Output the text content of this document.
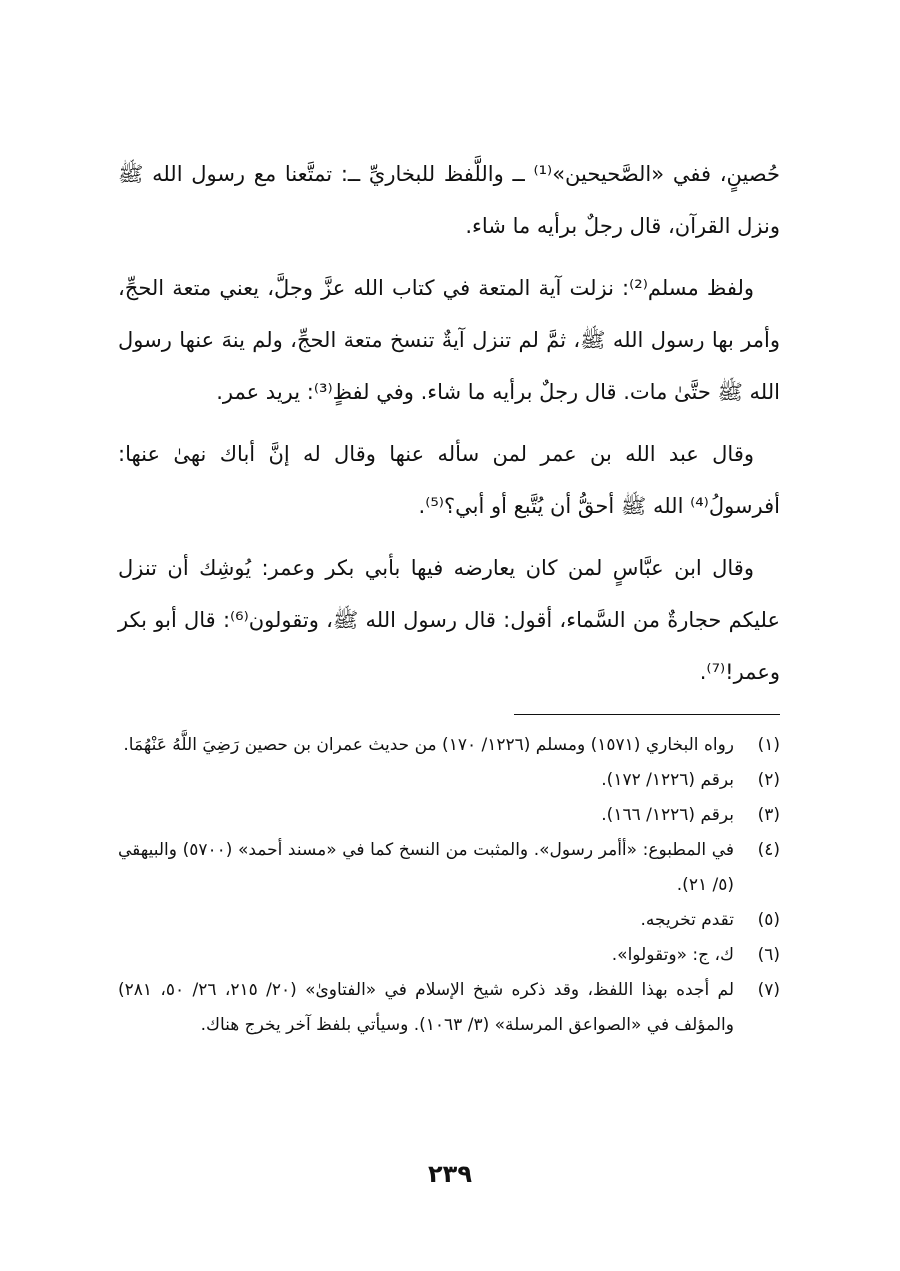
حُصينٍ، ففي «الصَّحيحين»⁽¹⁾ ــ واللَّفظ للبخاريِّ ــ: تمتَّعنا مع رسول الله ﷺ ونزل القرآن، قال رجلٌ برأيه ما شاء.

ولفظ مسلم⁽²⁾: نزلت آية المتعة في كتاب الله عزَّ وجلَّ، يعني متعة الحجِّ، وأمر بها رسول الله ﷺ، ثمَّ لم تنزل آيةٌ تنسخ متعة الحجِّ، ولم ينهَ عنها رسول الله ﷺ حتَّىٰ مات. قال رجلٌ برأيه ما شاء. وفي لفظٍ⁽³⁾: يريد عمر.

وقال عبد الله بن عمر لمن سأله عنها وقال له إنَّ أباك نهىٰ عنها: أفرسولُ⁽⁴⁾ الله ﷺ أحقُّ أن يُتَّبع أو أبي؟⁽⁵⁾.

وقال ابن عبَّاسٍ لمن كان يعارضه فيها بأبي بكر وعمر: يُوشِك أن تنزل عليكم حجارةٌ من السَّماء، أقول: قال رسول الله ﷺ، وتقولون⁽⁶⁾: قال أبو بكر وعمر!⁽⁷⁾.

(١)
رواه البخاري (١٥٧١) ومسلم (١٢٢٦/ ١٧٠) من حديث عمران بن حصين رَضِيَ اللَّهُ عَنْهُمَا.
(٢)
برقم (١٢٢٦/ ١٧٢).
(٣)
برقم (١٢٢٦/ ١٦٦).
(٤)
في المطبوع: «أأمر رسول». والمثبت من النسخ كما في «مسند أحمد» (٥٧٠٠) والبيهقي (٥/ ٢١).
(٥)
تقدم تخريجه.
(٦)
ك، ج: «وتقولوا».
(٧)
لم أجده بهذا اللفظ، وقد ذكره شيخ الإسلام في «الفتاوىٰ» (٢٠/ ٢١٥، ٢٦/ ٥٠، ٢٨١) والمؤلف في «الصواعق المرسلة» (٣/ ١٠٦٣). وسيأتي بلفظ آخر يخرج هناك.
٢٣٩
